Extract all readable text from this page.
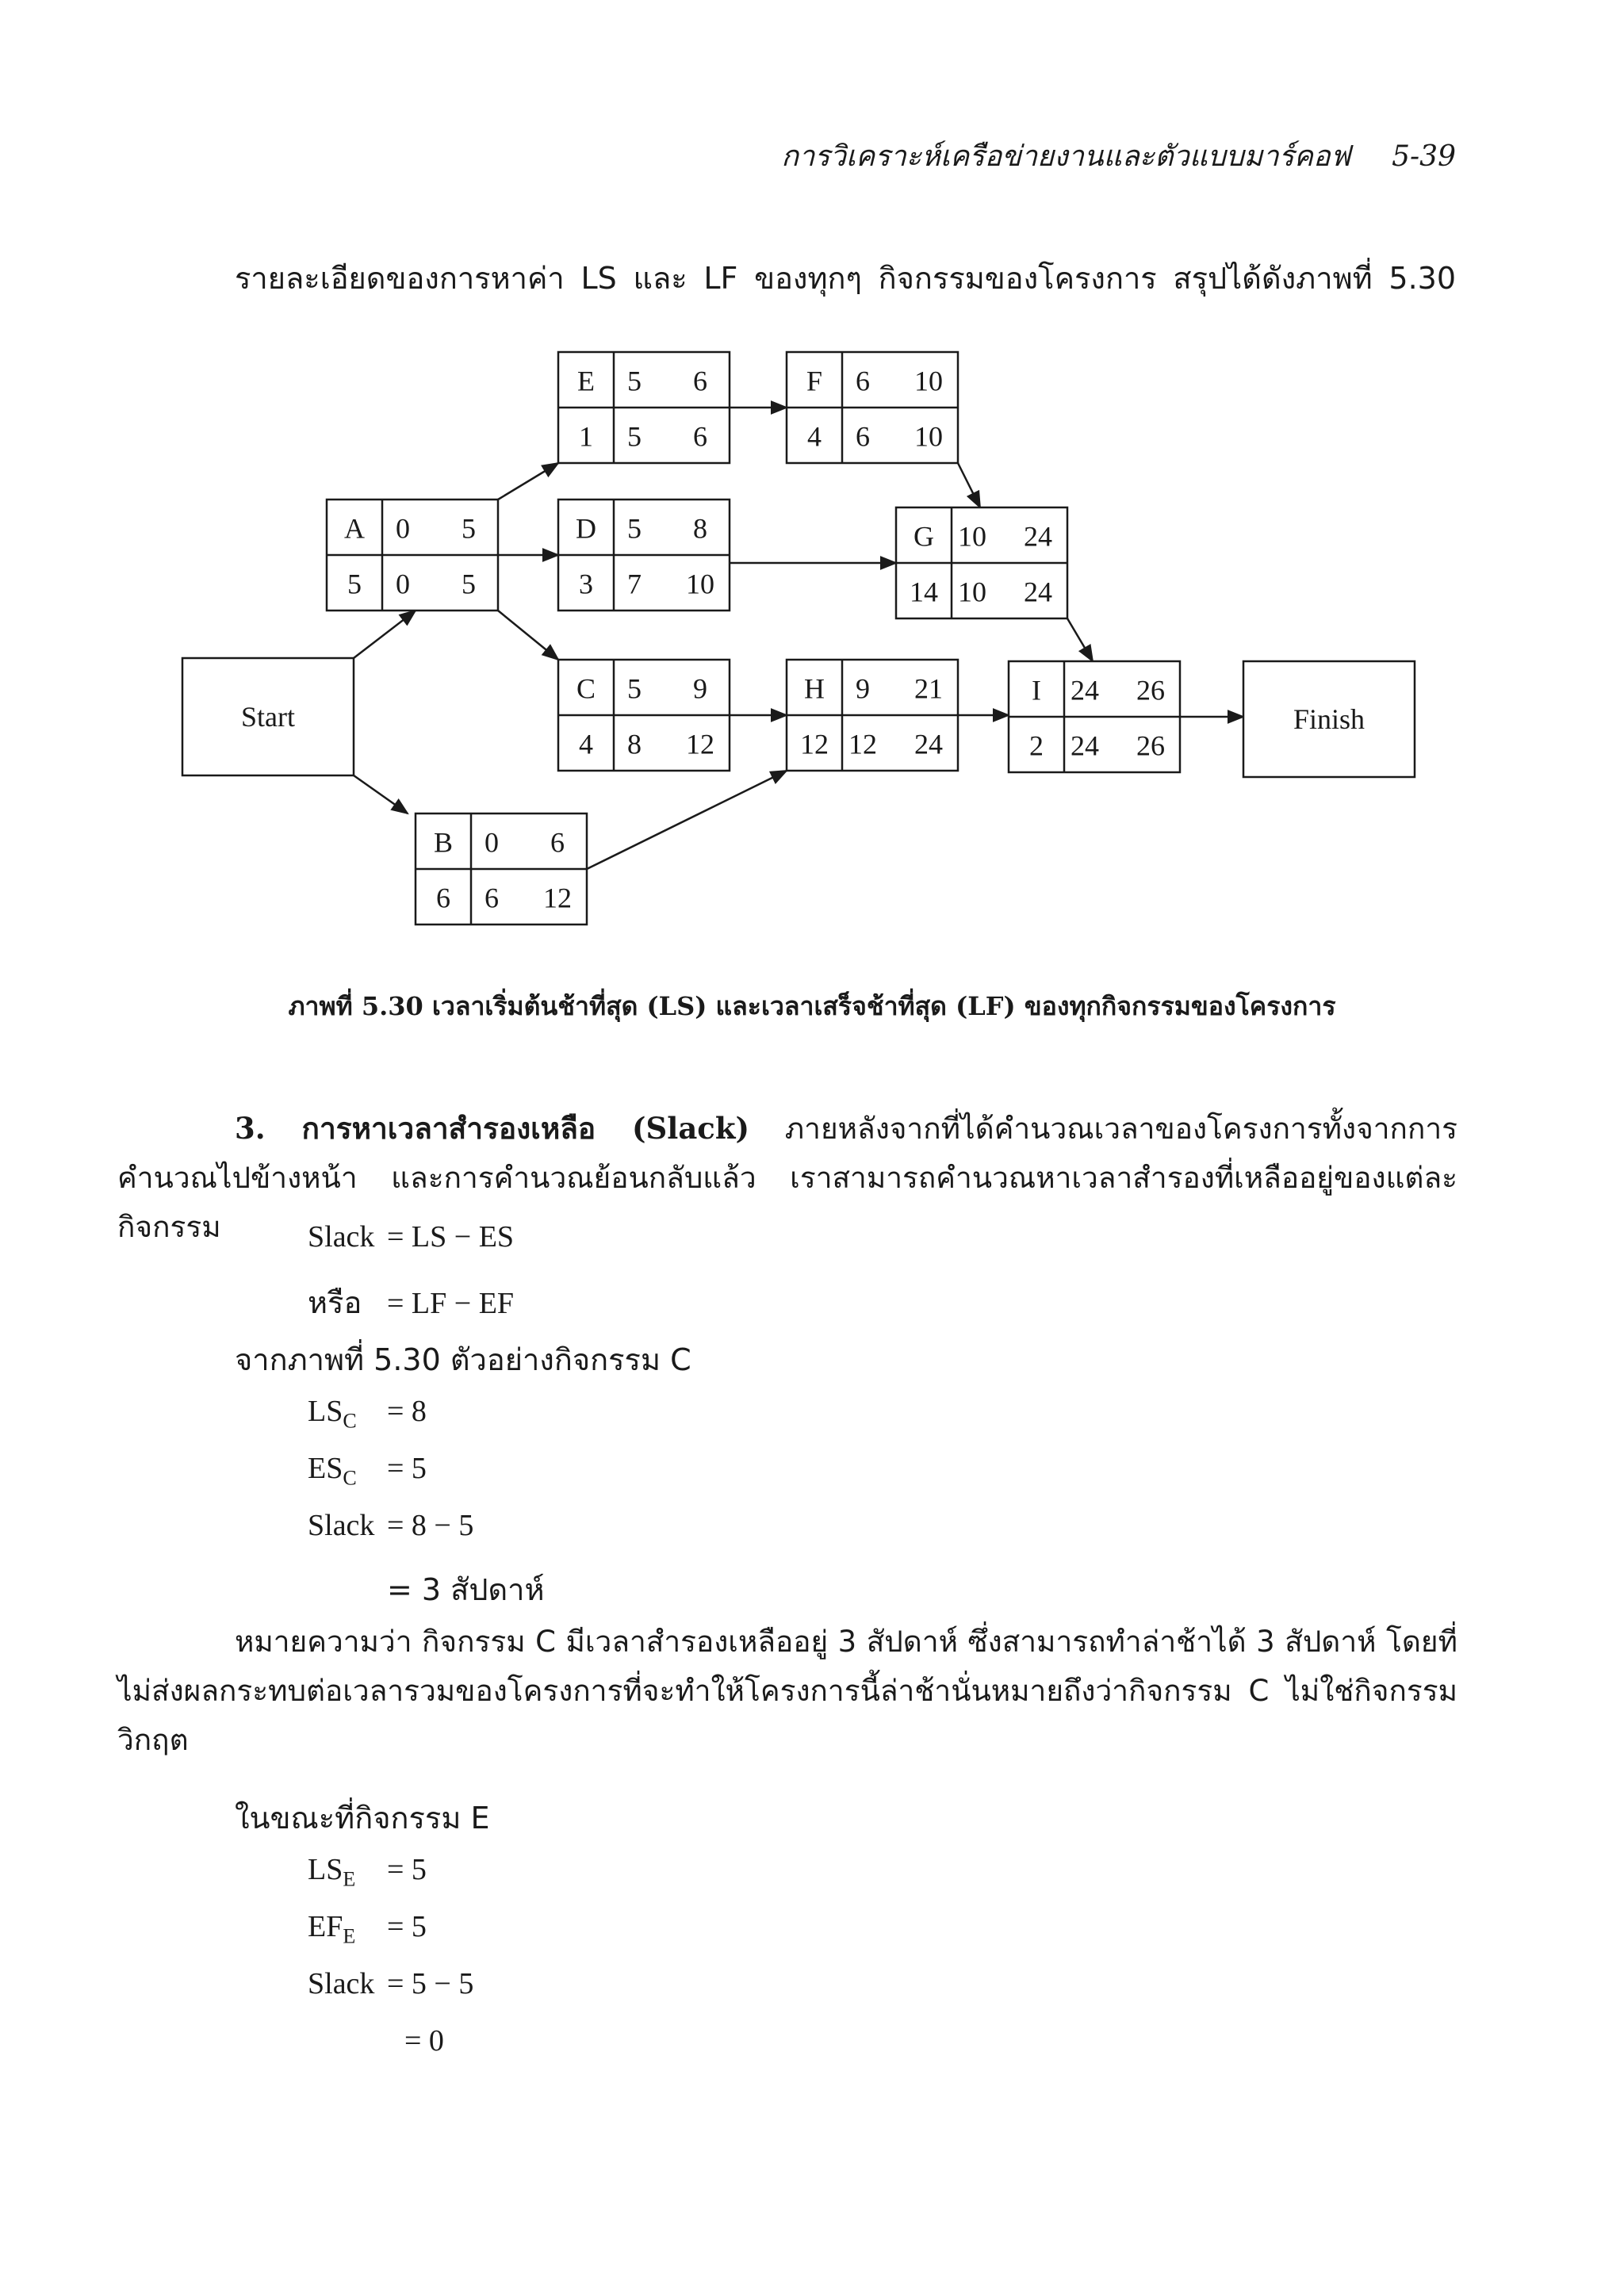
การวิเคราะห์เครือข่ายงานและตัวแบบมาร์คอฟ 5-39
รายละเอียดของการหาค่า LS และ LF ของทุกๆ กิจกรรมของโครงการ สรุปได้ดังภาพที่ 5.30
A 0 5
5 0 5
B 0 6
6 6 12
C 5 9
4 8 12
D 5 8
3 7 10
E 5 6
1 5 6
F 6 10
4 6 10
G 10 24
14 10 24
H 9 21
12 12 24
I 24 26
2 24 26
Start	Finish
ภาพที่ 5.30 เวลาเริ่มต้นช้าที่สุด (LS) และเวลาเสร็จช้าที่สุด (LF) ของทุกกิจกรรมของโครงการ
3. การหาเวลาสำรองเหลือ (Slack) ภายหลังจากที่ได้คำนวณเวลาของโครงการทั้งจากการคำนวณไปข้างหน้า และการคำนวณย้อนกลับแล้ว เราสามารถคำนวณหาเวลาสำรองที่เหลืออยู่ของแต่ละกิจกรรม	Slack = LS − ES
หรือ = LF − EF
จากภาพที่ 5.30 ตัวอย่างกิจกรรม C
$LS_C = 8$
$ES_C = 5$
Slack = 8 − 5
= 3 สัปดาห์
หมายความว่า กิจกรรม C มีเวลาสำรองเหลืออยู่ 3 สัปดาห์ ซึ่งสามารถทำล่าช้าได้ 3 สัปดาห์ โดยที่ไม่ส่งผลกระทบต่อเวลารวมของโครงการที่จะทำให้โครงการนี้ล่าช้านั่นหมายถึงว่ากิจกรรม C ไม่ใช่กิจกรรมวิกฤต
ในขณะที่กิจกรรม E
$LS_E = 5$
$EF_E = 5$
Slack = 5 − 5
= 0
